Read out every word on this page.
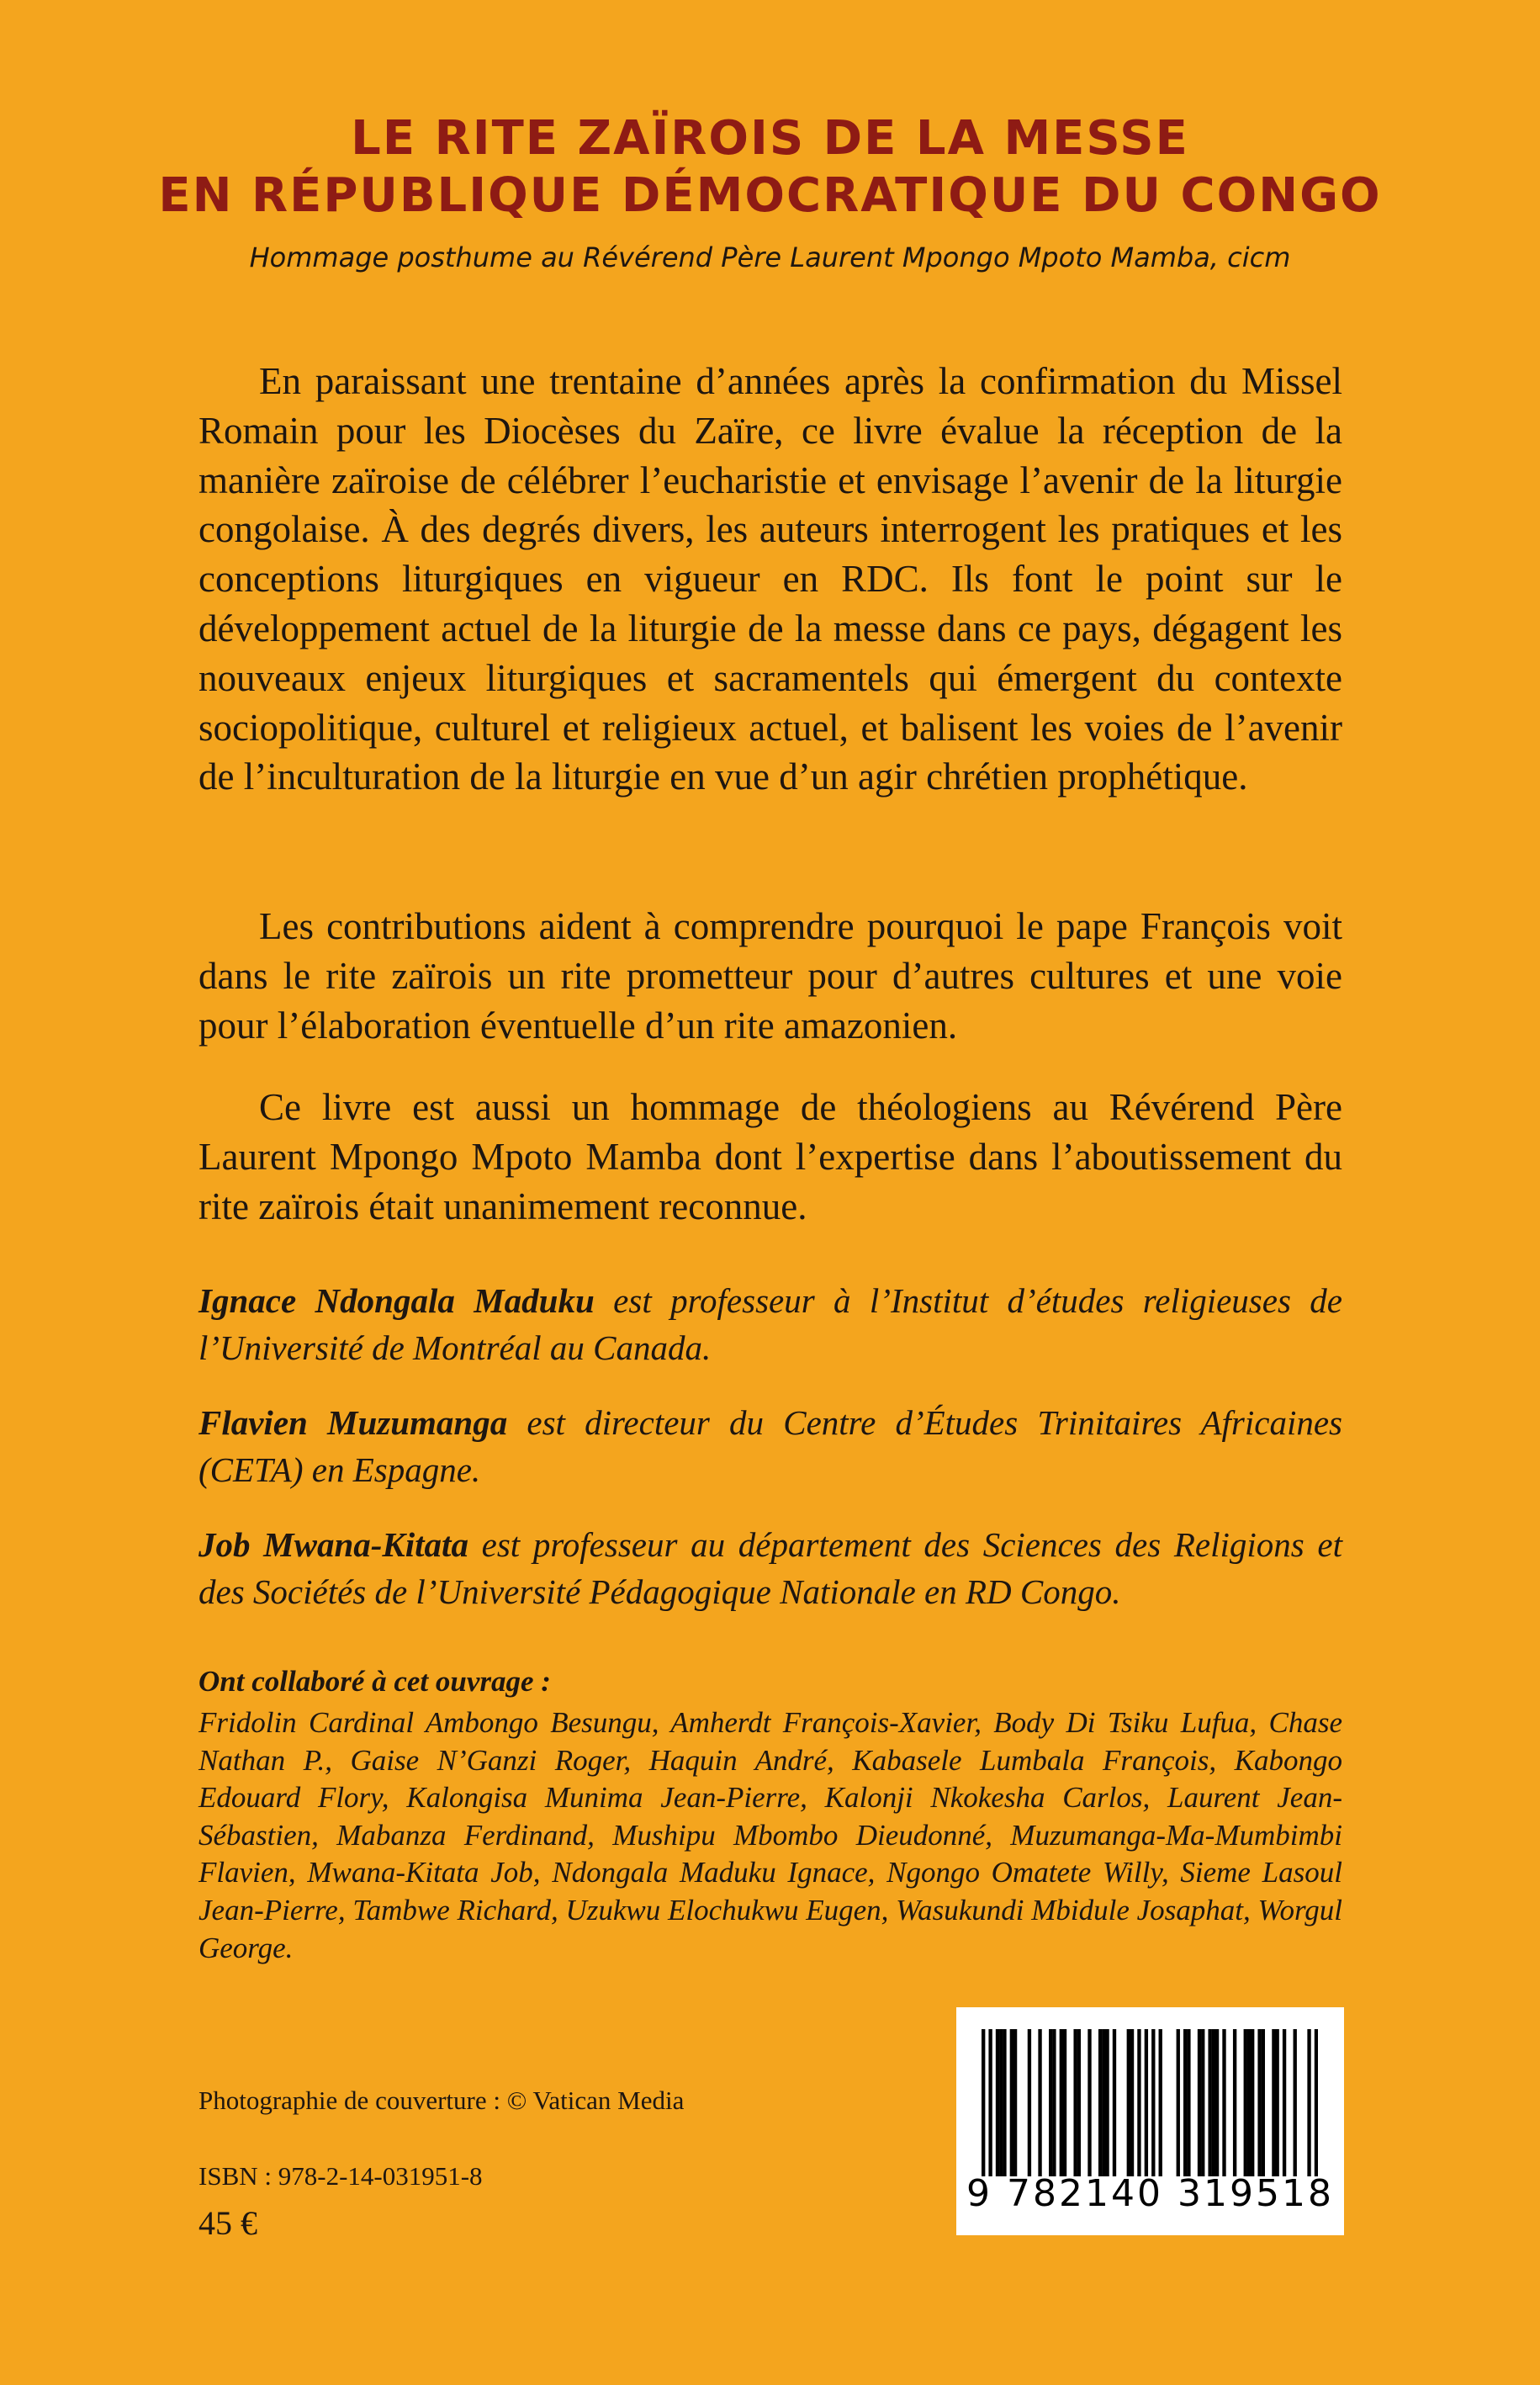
LE RITE ZAÏROIS DE LA MESSE
EN RÉPUBLIQUE DÉMOCRATIQUE DU CONGO
Hommage posthume au Révérend Père Laurent Mpongo Mpoto Mamba, cicm

En paraissant une trentaine d’années après la confirmation du Missel Romain pour les Diocèses du Zaïre, ce livre évalue la réception de la manière zaïroise de célébrer l’eucharistie et envisage l’avenir de la liturgie congolaise. À des degrés divers, les auteurs interrogent les pratiques et les conceptions liturgiques en vigueur en RDC. Ils font le point sur le développement actuel de la liturgie de la messe dans ce pays, dégagent les nouveaux enjeux liturgiques et sacramentels qui émergent du contexte sociopolitique, culturel et religieux actuel, et balisent les voies de l’avenir de l’inculturation de la liturgie en vue d’un agir chrétien prophétique.

Les contributions aident à comprendre pourquoi le pape François voit dans le rite zaïrois un rite prometteur pour d’autres cultures et une voie pour l’élaboration éventuelle d’un rite amazonien.

Ce livre est aussi un hommage de théologiens au Révérend Père Laurent Mpongo Mpoto Mamba dont l’expertise dans l’aboutissement du rite zaïrois était unanimement reconnue.

Ignace Ndongala Maduku est professeur à l’Institut d’études religieuses de l’Université de Montréal au Canada.

Flavien Muzumanga est directeur du Centre d’Études Trinitaires Africaines (CETA) en Espagne.

Job Mwana-Kitata est professeur au département des Sciences des Religions et des Sociétés de l’Université Pédagogique Nationale en RD Congo.

Ont collaboré à cet ouvrage :

Fridolin Cardinal Ambongo Besungu, Amherdt François-Xavier, Body Di Tsiku Lufua, Chase Nathan P., Gaise N’Ganzi Roger, Haquin André, Kabasele Lumbala François, Kabongo Edouard Flory, Kalongisa Munima Jean-Pierre, Kalonji Nkokesha Carlos, Laurent Jean-Sébastien, Mabanza Ferdinand, Mushipu Mbombo Dieudonné, Muzumanga-Ma-Mumbimbi Flavien, Mwana-Kitata Job, Ndongala Maduku Ignace, Ngongo Omatete Willy, Sieme Lasoul Jean-Pierre, Tambwe Richard, Uzukwu Elochukwu Eugen, Wasukundi Mbidule Josaphat, Worgul George.

Photographie de couverture : © Vatican Media
ISBN : 978-2-14-031951-8
45 €
9 782140 319518
